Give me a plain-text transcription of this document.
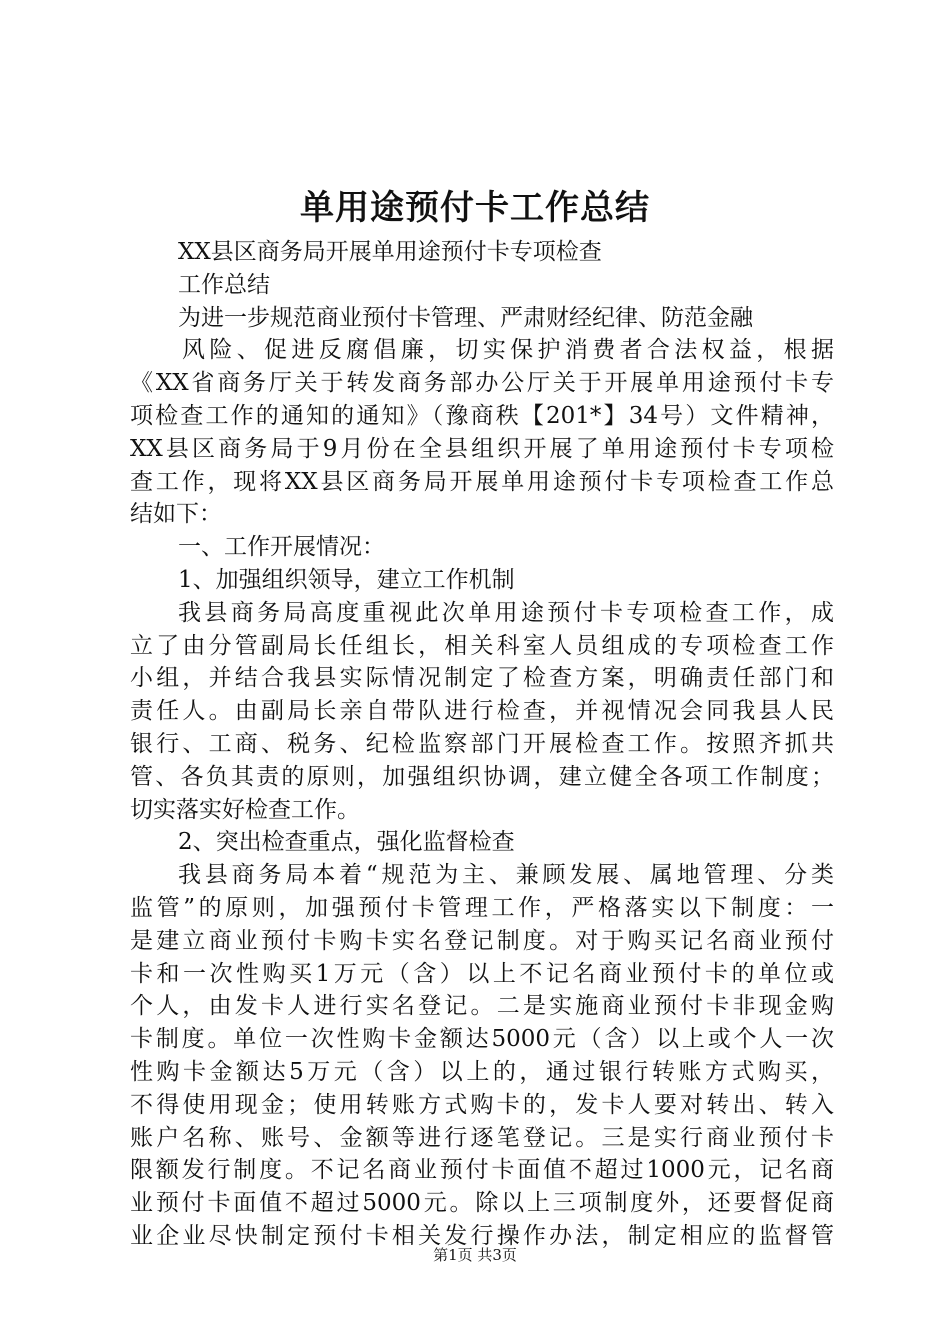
单用途预付卡工作总结
XX县区商务局开展单用途预付卡专项检查
工作总结
为进一步规范商业预付卡管理、严肃财经纪律、防范金融
风险、促进反腐倡廉，切实保护消费者合法权益，根据
《XX省商务厅关于转发商务部办公厅关于开展单用途预付卡专
项检查工作的通知的通知》（豫商秩【201*】34号）文件精神，
XX县区商务局于9月份在全县组织开展了单用途预付卡专项检
查工作，现将XX县区商务局开展单用途预付卡专项检查工作总
结如下：
一、工作开展情况：
1、加强组织领导，建立工作机制
我县商务局高度重视此次单用途预付卡专项检查工作，成
立了由分管副局长任组长，相关科室人员组成的专项检查工作
小组，并结合我县实际情况制定了检查方案，明确责任部门和
责任人。由副局长亲自带队进行检查，并视情况会同我县人民
银行、工商、税务、纪检监察部门开展检查工作。按照齐抓共
管、各负其责的原则，加强组织协调，建立健全各项工作制度；
切实落实好检查工作。
2、突出检查重点，强化监督检查
我县商务局本着“规范为主、兼顾发展、属地管理、分类
监管”的原则，加强预付卡管理工作，严格落实以下制度：一
是建立商业预付卡购卡实名登记制度。对于购买记名商业预付
卡和一次性购买1万元（含）以上不记名商业预付卡的单位或
个人，由发卡人进行实名登记。二是实施商业预付卡非现金购
卡制度。单位一次性购卡金额达5000元（含）以上或个人一次
性购卡金额达5万元（含）以上的，通过银行转账方式购买，
不得使用现金；使用转账方式购卡的，发卡人要对转出、转入
账户名称、账号、金额等进行逐笔登记。三是实行商业预付卡
限额发行制度。不记名商业预付卡面值不超过1000元，记名商
业预付卡面值不超过5000元。除以上三项制度外，还要督促商
业企业尽快制定预付卡相关发行操作办法，制定相应的监督管
第1页 共3页
